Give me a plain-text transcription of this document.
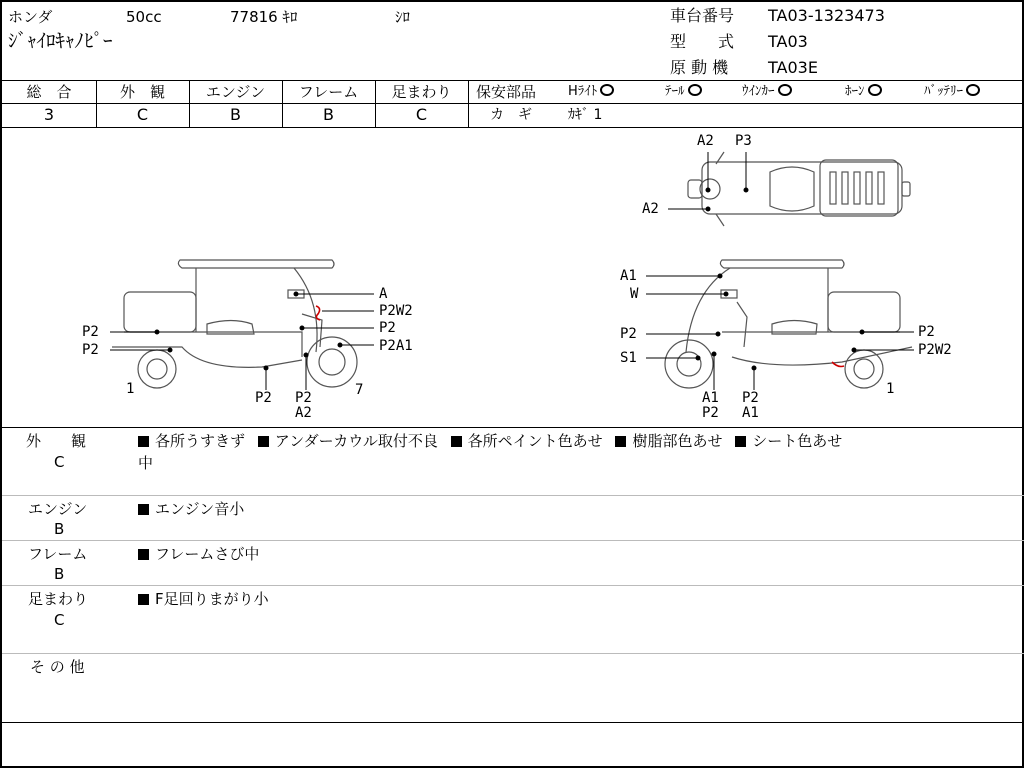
ホンダ	50cc	77816 ｷﾛ	ｼﾛ
ｼﾞｬｲﾛｷｬﾉﾋﾟｰ
車台番号 TA03-1323473
型　　式 TA03
原 動 機 TA03E
総　合	外　観	エンジン	フレーム	足まわり
3	C	B	B	C
保安部品 Hﾗｲﾄ	ﾃｰﾙ	ｳｲﾝｶｰ	ﾎｰﾝ	ﾊﾞｯﾃﾘｰ
カ　ギ	ｶｷﾞ 1
A2 P3
A2
A
P2W2
P2
P2A1
P2
P2
1
P2 P2
A2
7
A1
W
P2
S1
P2
P2W2
A1
P2
P2
A1
1
外　　観
C
各所うすきず アンダーカウル取付不良 各所ペイント色あせ 樹脂部色あせ シート色あせ
中
エンジン
B
エンジン音小
フレーム
B
フレームさび中
足まわり
C
F足回りまがり小
そ の 他
